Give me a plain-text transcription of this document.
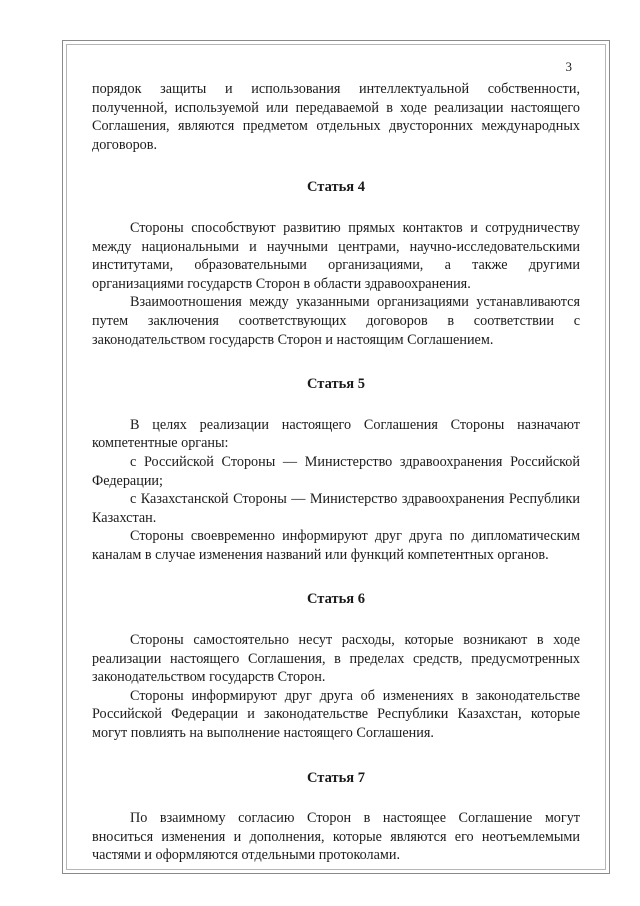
3

порядок защиты и использования интеллектуальной собственности, полученной, используемой или передаваемой в ходе реализации настоящего Соглашения, являются предметом отдельных двусторонних международных договоров.

Статья 4

Стороны способствуют развитию прямых контактов и сотрудничеству между национальными и научными центрами, научно-исследовательскими институтами, образовательными организациями, а также другими организациями государств Сторон в области здравоохранения.

Взаимоотношения между указанными организациями устанавливаются путем заключения соответствующих договоров в соответствии с законодательством государств Сторон и настоящим Соглашением.

Статья 5

В целях реализации настоящего Соглашения Стороны назначают компетентные органы:

с Российской Стороны — Министерство здравоохранения Российской Федерации;

с Казахстанской Стороны — Министерство здравоохранения Республики Казахстан.

Стороны своевременно информируют друг друга по дипломатическим каналам в случае изменения названий или функций компетентных органов.

Статья 6

Стороны самостоятельно несут расходы, которые возникают в ходе реализации настоящего Соглашения, в пределах средств, предусмотренных законодательством государств Сторон.

Стороны информируют друг друга об изменениях в законодательстве Российской Федерации и законодательстве Республики Казахстан, которые могут повлиять на выполнение настоящего Соглашения.

Статья 7

По взаимному согласию Сторон в настоящее Соглашение могут вноситься изменения и дополнения, которые являются его неотъемлемыми частями и оформляются отдельными протоколами.
